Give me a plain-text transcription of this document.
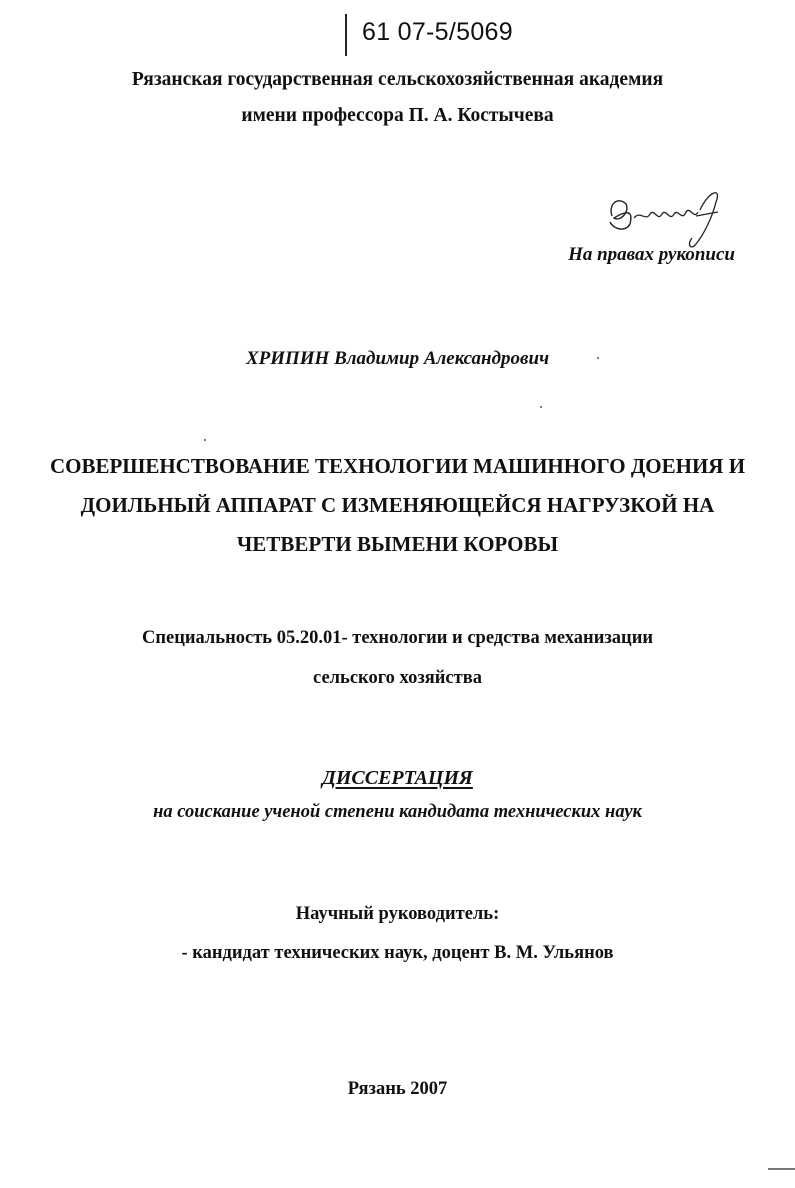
61 07-5/5069
Рязанская государственная сельскохозяйственная академия
имени профессора П. А. Костычева
На правах рукописи
ХРИПИН Владимир Александрович
СОВЕРШЕНСТВОВАНИЕ ТЕХНОЛОГИИ МАШИННОГО ДОЕНИЯ И
ДОИЛЬНЫЙ АППАРАТ С ИЗМЕНЯЮЩЕЙСЯ НАГРУЗКОЙ НА
ЧЕТВЕРТИ ВЫМЕНИ КОРОВЫ
Специальность 05.20.01- технологии и средства механизации
сельского хозяйства
ДИССЕРТАЦИЯ
на соискание ученой степени кандидата технических наук
Научный руководитель:
- кандидат технических наук, доцент В. М. Ульянов
Рязань 2007
